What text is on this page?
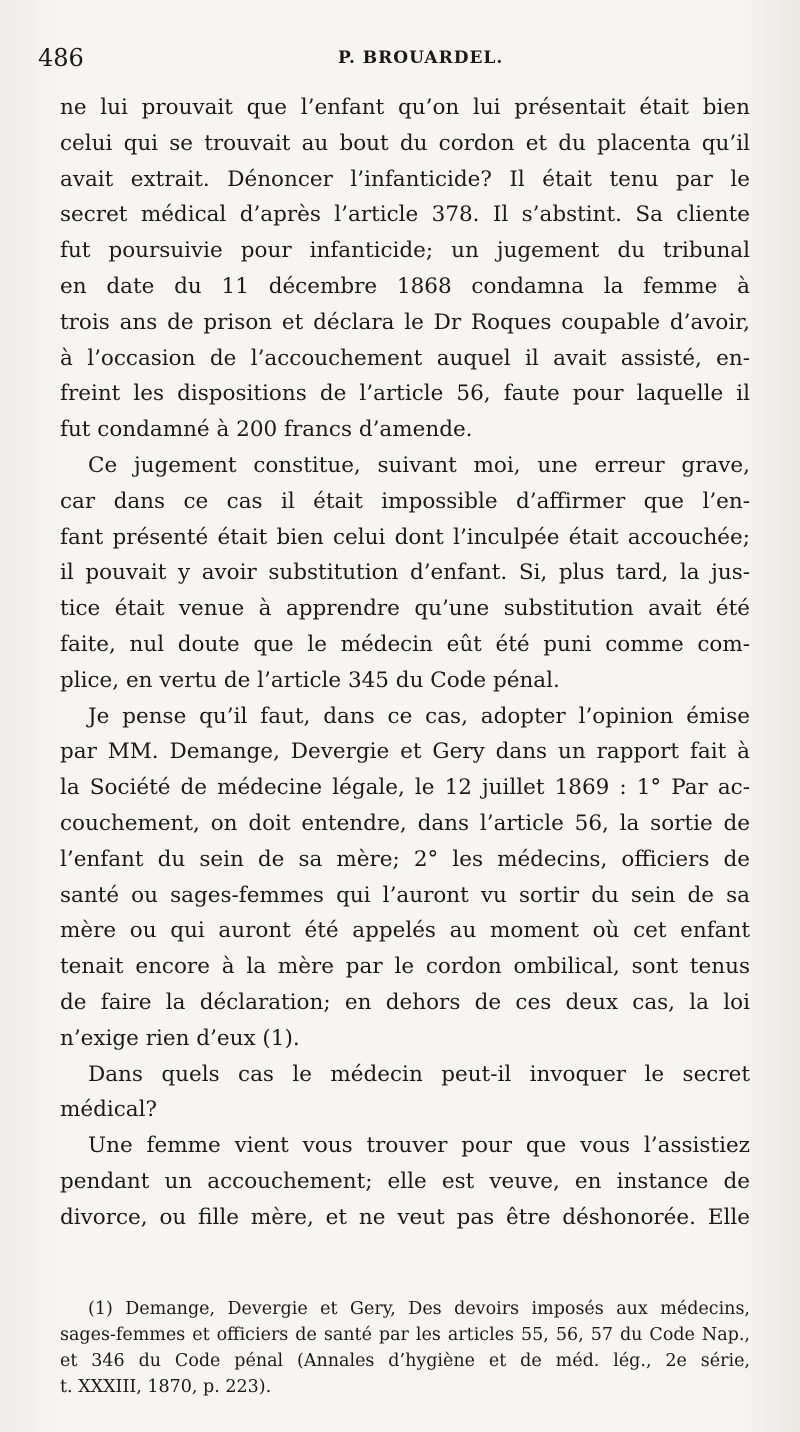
486	P. BROUARDEL.
ne lui prouvait que l’enfant qu’on lui présentait était bien
celui qui se trouvait au bout du cordon et du placenta qu’il
avait extrait. Dénoncer l’infanticide? Il était tenu par le
secret médical d’après l’article 378. Il s’abstint. Sa cliente
fut poursuivie pour infanticide; un jugement du tribunal
en date du 11 décembre 1868 condamna la femme à
trois ans de prison et déclara le Dr Roques coupable d’avoir,
à l’occasion de l’accouchement auquel il avait assisté, en-
freint les dispositions de l’article 56, faute pour laquelle il
fut condamné à 200 francs d’amende.
Ce jugement constitue, suivant moi, une erreur grave,
car dans ce cas il était impossible d’affirmer que l’en-
fant présenté était bien celui dont l’inculpée était accouchée;
il pouvait y avoir substitution d’enfant. Si, plus tard, la jus-
tice était venue à apprendre qu’une substitution avait été
faite, nul doute que le médecin eût été puni comme com-
plice, en vertu de l’article 345 du Code pénal.
Je pense qu’il faut, dans ce cas, adopter l’opinion émise
par MM. Demange, Devergie et Gery dans un rapport fait à
la Société de médecine légale, le 12 juillet 1869 : 1° Par ac-
couchement, on doit entendre, dans l’article 56, la sortie de
l’enfant du sein de sa mère; 2° les médecins, officiers de
santé ou sages-femmes qui l’auront vu sortir du sein de sa
mère ou qui auront été appelés au moment où cet enfant
tenait encore à la mère par le cordon ombilical, sont tenus
de faire la déclaration; en dehors de ces deux cas, la loi
n’exige rien d’eux (1).
Dans quels cas le médecin peut-il invoquer le secret
médical?
Une femme vient vous trouver pour que vous l’assistiez
pendant un accouchement; elle est veuve, en instance de
divorce, ou fille mère, et ne veut pas être déshonorée. Elle
(1) Demange, Devergie et Gery, Des devoirs imposés aux médecins,
sages-femmes et officiers de santé par les articles 55, 56, 57 du Code Nap.,
et 346 du Code pénal (Annales d’hygiène et de méd. lég., 2e série,
t. XXXIII, 1870, p. 223).
